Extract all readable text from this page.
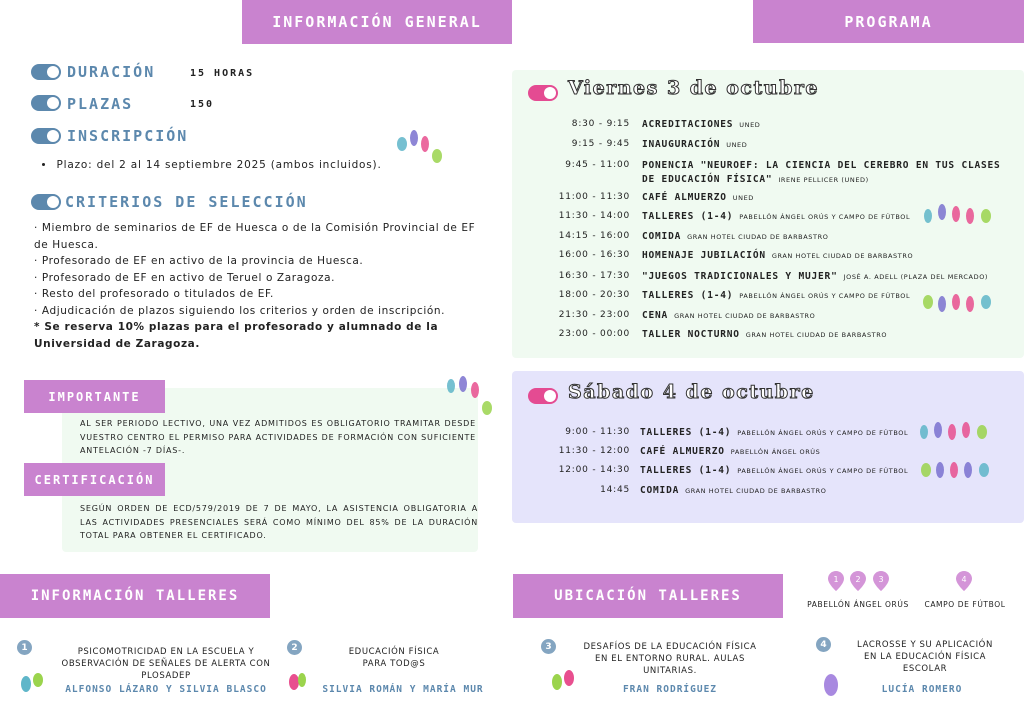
INFORMACIÓN GENERAL
DURACIÓN	15 HORAS
PLAZAS	150
INSCRIPCIÓN
• Plazo: del 2 al 14 septiembre 2025 (ambos incluidos).
CRITERIOS DE SELECCIÓN
· Miembro de seminarios de EF de Huesca o de la Comisión Provincial de EF de Huesca.
· Profesorado de EF en activo de la provincia de Huesca.
· Profesorado de EF en activo de Teruel o Zaragoza.
· Resto del profesorado o titulados de EF.
· Adjudicación de plazos siguiendo los criterios y orden de inscripción.
* Se reserva 10% plazas para el profesorado y alumnado de la Universidad de Zaragoza.
IMPORTANTE
AL SER PERIODO LECTIVO, UNA VEZ ADMITIDOS ES OBLIGATORIO TRAMITAR DESDE VUESTRO CENTRO EL PERMISO PARA ACTIVIDADES DE FORMACIÓN CON SUFICIENTE ANTELACIÓN -7 DÍAS-.
CERTIFICACIÓN
SEGÚN ORDEN DE ECD/579/2019 DE 7 DE MAYO, LA ASISTENCIA OBLIGATORIA A LAS ACTIVIDADES PRESENCIALES SERÁ COMO MÍNIMO DEL 85% DE LA DURACIÓN TOTAL PARA OBTENER EL CERTIFICADO.
PROGRAMA
Viernes 3 de octubre
8:30 - 9:15 ACREDITACIONES UNED
9:15 - 9:45 INAUGURACIÓN UNED
9:45 - 11:00 PONENCIA "NEUROEF: LA CIENCIA DEL CEREBRO EN TUS CLASES
DE EDUCACIÓN FÍSICA" IRENE PELLICER (UNED)
11:00 - 11:30 CAFÉ ALMUERZO UNED
11:30 - 14:00 TALLERES (1-4) PABELLÓN ÁNGEL ORÚS Y CAMPO DE FÚTBOL
14:15 - 16:00 COMIDA GRAN HOTEL CIUDAD DE BARBASTRO
16:00 - 16:30 HOMENAJE JUBILACIÓN GRAN HOTEL CIUDAD DE BARBASTRO
16:30 - 17:30 "JUEGOS TRADICIONALES Y MUJER" JOSÉ A. ADELL (PLAZA DEL MERCADO)
18:00 - 20:30 TALLERES (1-4) PABELLÓN ÁNGEL ORÚS Y CAMPO DE FÚTBOL
21:30 - 23:00 CENA GRAN HOTEL CIUDAD DE BARBASTRO
23:00 - 00:00 TALLER NOCTURNO GRAN HOTEL CIUDAD DE BARBASTRO
Sábado 4 de octubre
9:00 - 11:30 TALLERES (1-4) PABELLÓN ÁNGEL ORÚS Y CAMPO DE FÚTBOL
11:30 - 12:00 CAFÉ ALMUERZO PABELLÓN ÁNGEL ORÚS
12:00 - 14:30 TALLERES (1-4) PABELLÓN ÁNGEL ORÚS Y CAMPO DE FÚTBOL
14:45 COMIDA GRAN HOTEL CIUDAD DE BARBASTRO
INFORMACIÓN TALLERES
1	PSICOMOTRICIDAD EN LA ESCUELA Y OBSERVACIÓN DE SEÑALES DE ALERTA CON PLOSADEP
ALFONSO LÁZARO Y SILVIA BLASCO
2	EDUCACIÓN FÍSICA PARA TOD@S
SILVIA ROMÁN Y MARÍA MUR
UBICACIÓN TALLERES
1 2 3	4
PABELLÓN ÁNGEL ORÚS	CAMPO DE FÚTBOL
3	DESAFÍOS DE LA EDUCACIÓN FÍSICA EN EL ENTORNO RURAL. AULAS UNITARIAS.
FRAN RODRÍGUEZ
4	LACROSSE Y SU APLICACIÓN EN LA EDUCACIÓN FÍSICA ESCOLAR
LUCÍA ROMERO
